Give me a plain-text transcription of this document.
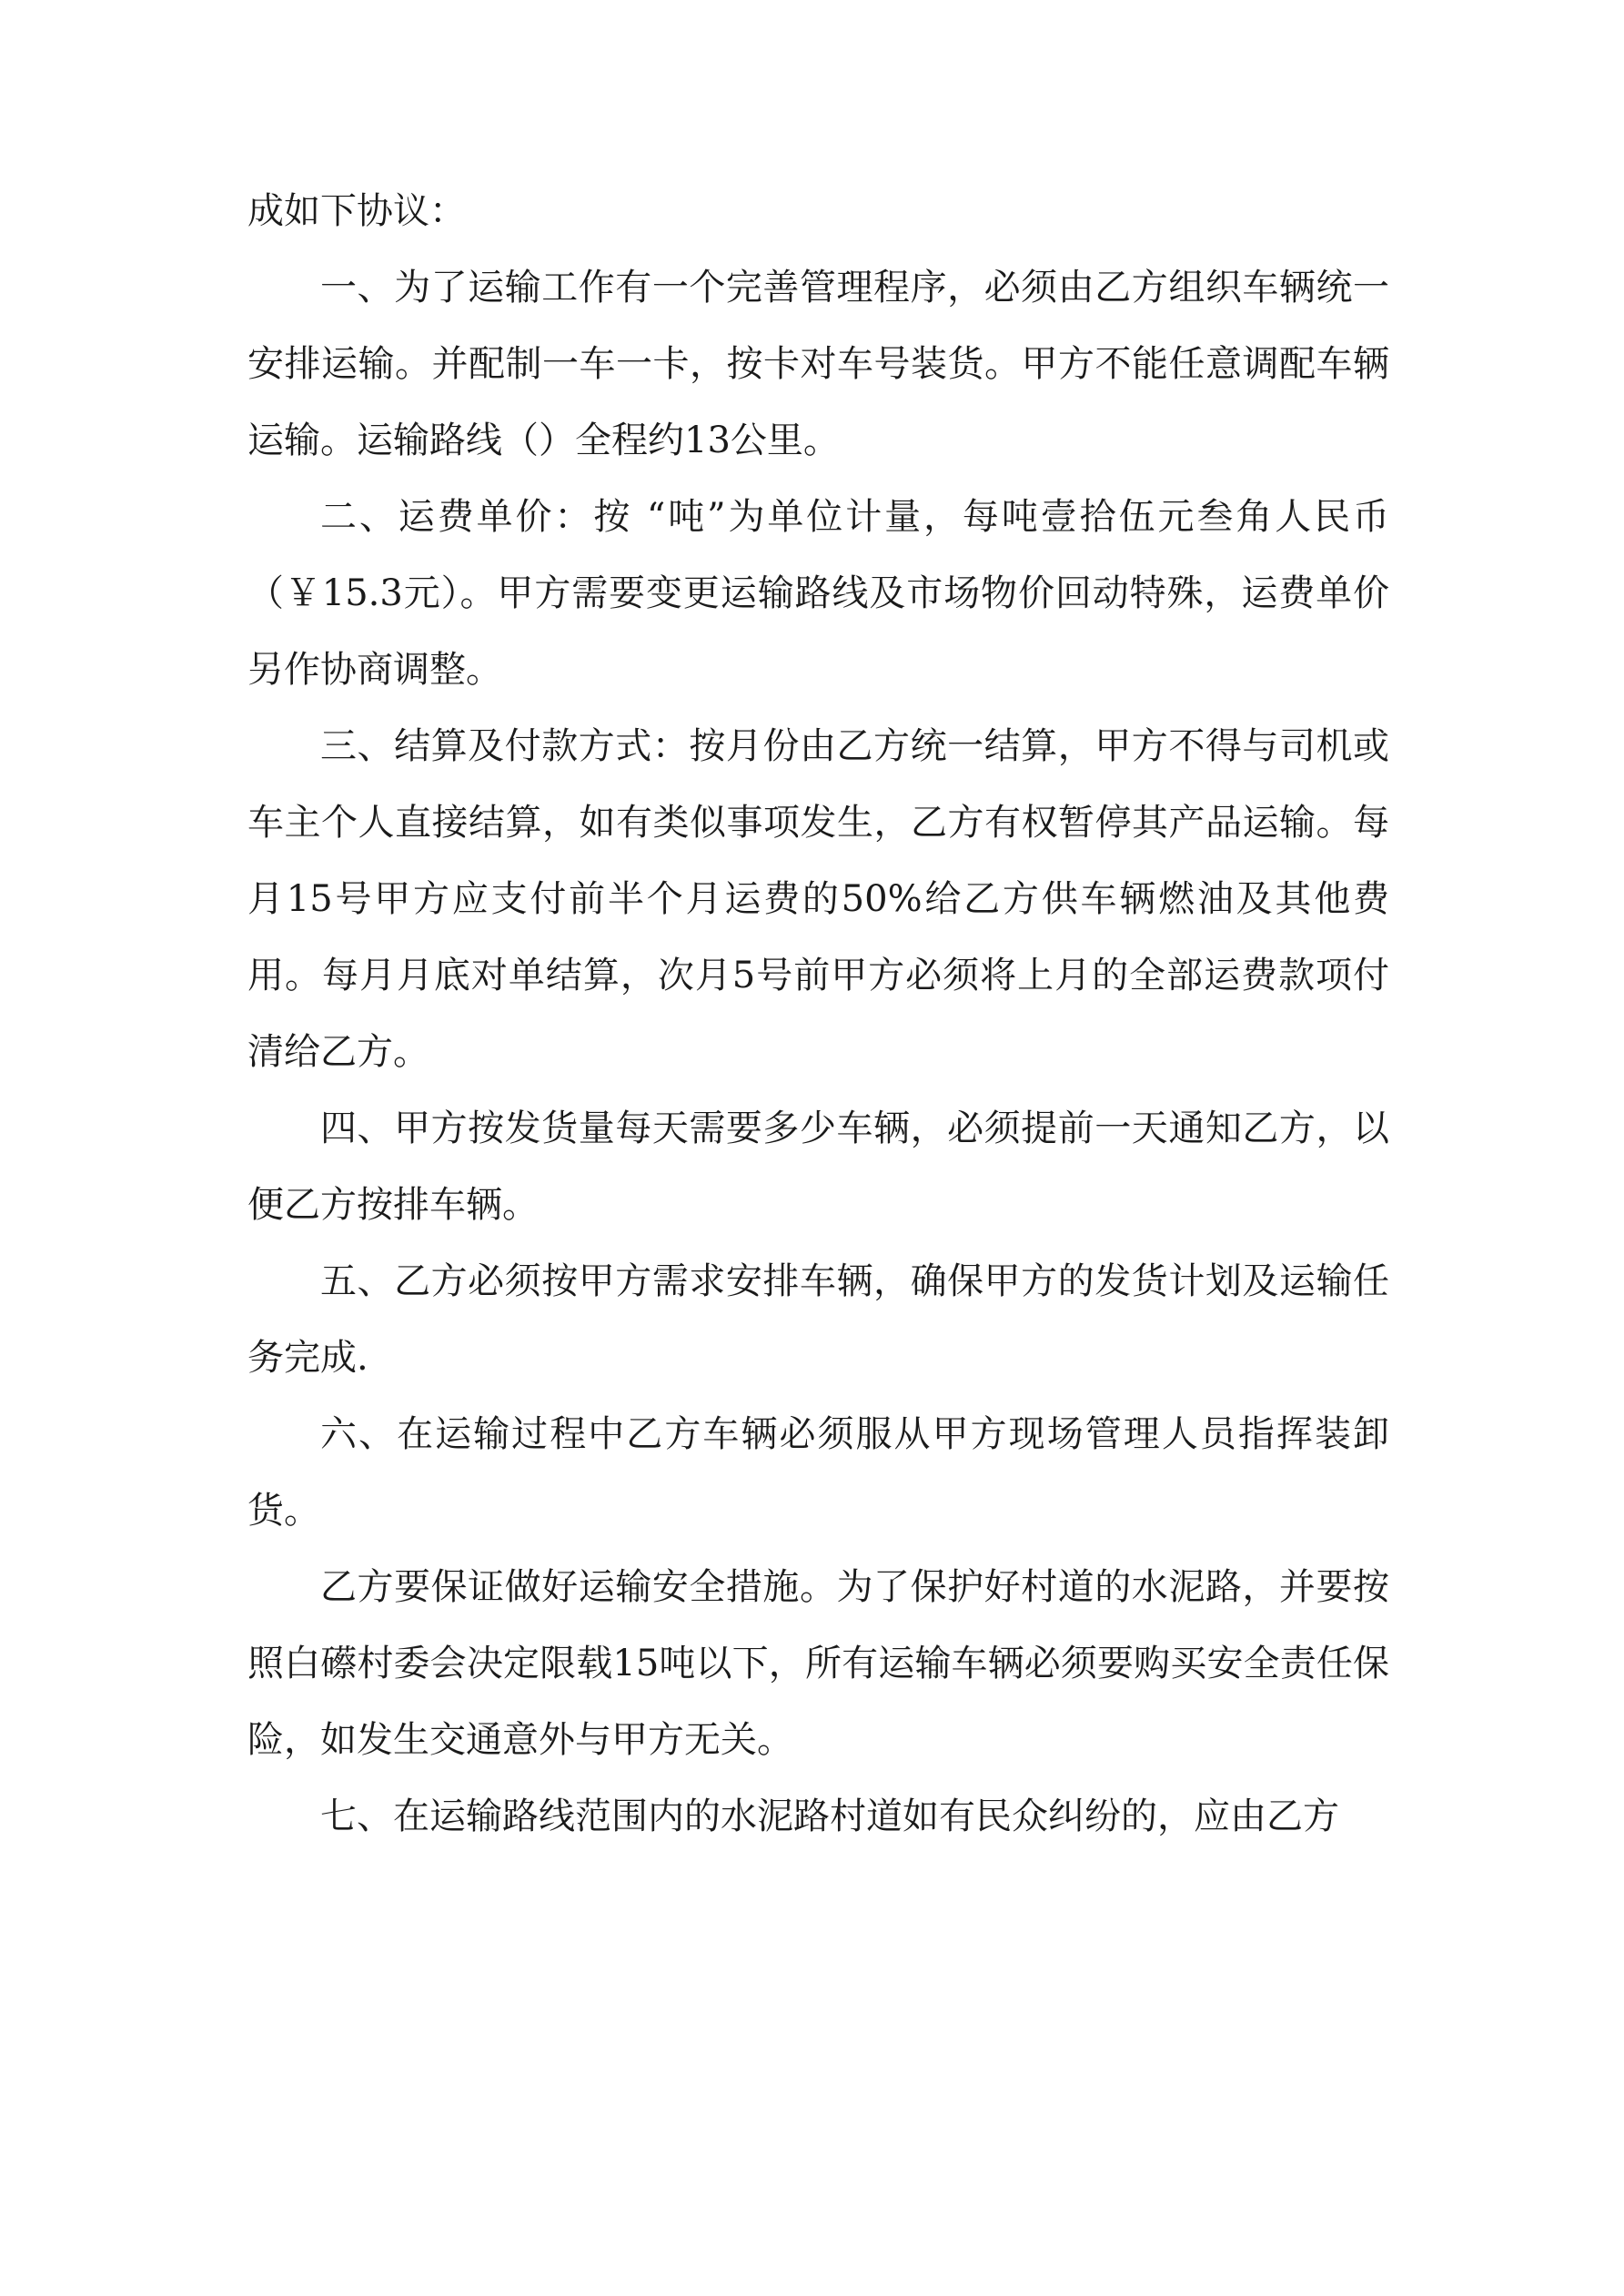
成如下协议：

一、为了运输工作有一个完善管理程序，必须由乙方组织车辆统一安排运输。并配制一车一卡，按卡对车号装货。甲方不能任意调配车辆运输。运输路线（）全程约13公里。

二、运费单价：按 “吨”为单位计量，每吨壹拾伍元叁角人民币（￥15.3元）。甲方需要变更运输路线及市场物价回动特殊，运费单价另作协商调整。

三、结算及付款方式：按月份由乙方统一结算，甲方不得与司机或车主个人直接结算，如有类似事项发生，乙方有权暂停其产品运输。每月15号甲方应支付前半个月运费的50%给乙方供车辆燃油及其他费用。每月月底对单结算，次月5号前甲方必须将上月的全部运费款项付清给乙方。

四、甲方按发货量每天需要多少车辆，必须提前一天通知乙方，以便乙方按排车辆。

五、乙方必须按甲方需求安排车辆，确保甲方的发货计划及运输任务完成.

六、在运输过程中乙方车辆必须服从甲方现场管理人员指挥装卸货。

乙方要保证做好运输安全措施。为了保护好村道的水泥路，并要按照白礤村委会决定限载15吨以下，所有运输车辆必须要购买安全责任保险，如发生交通意外与甲方无关。

七、在运输路线范围内的水泥路村道如有民众纠纷的，应由乙方
